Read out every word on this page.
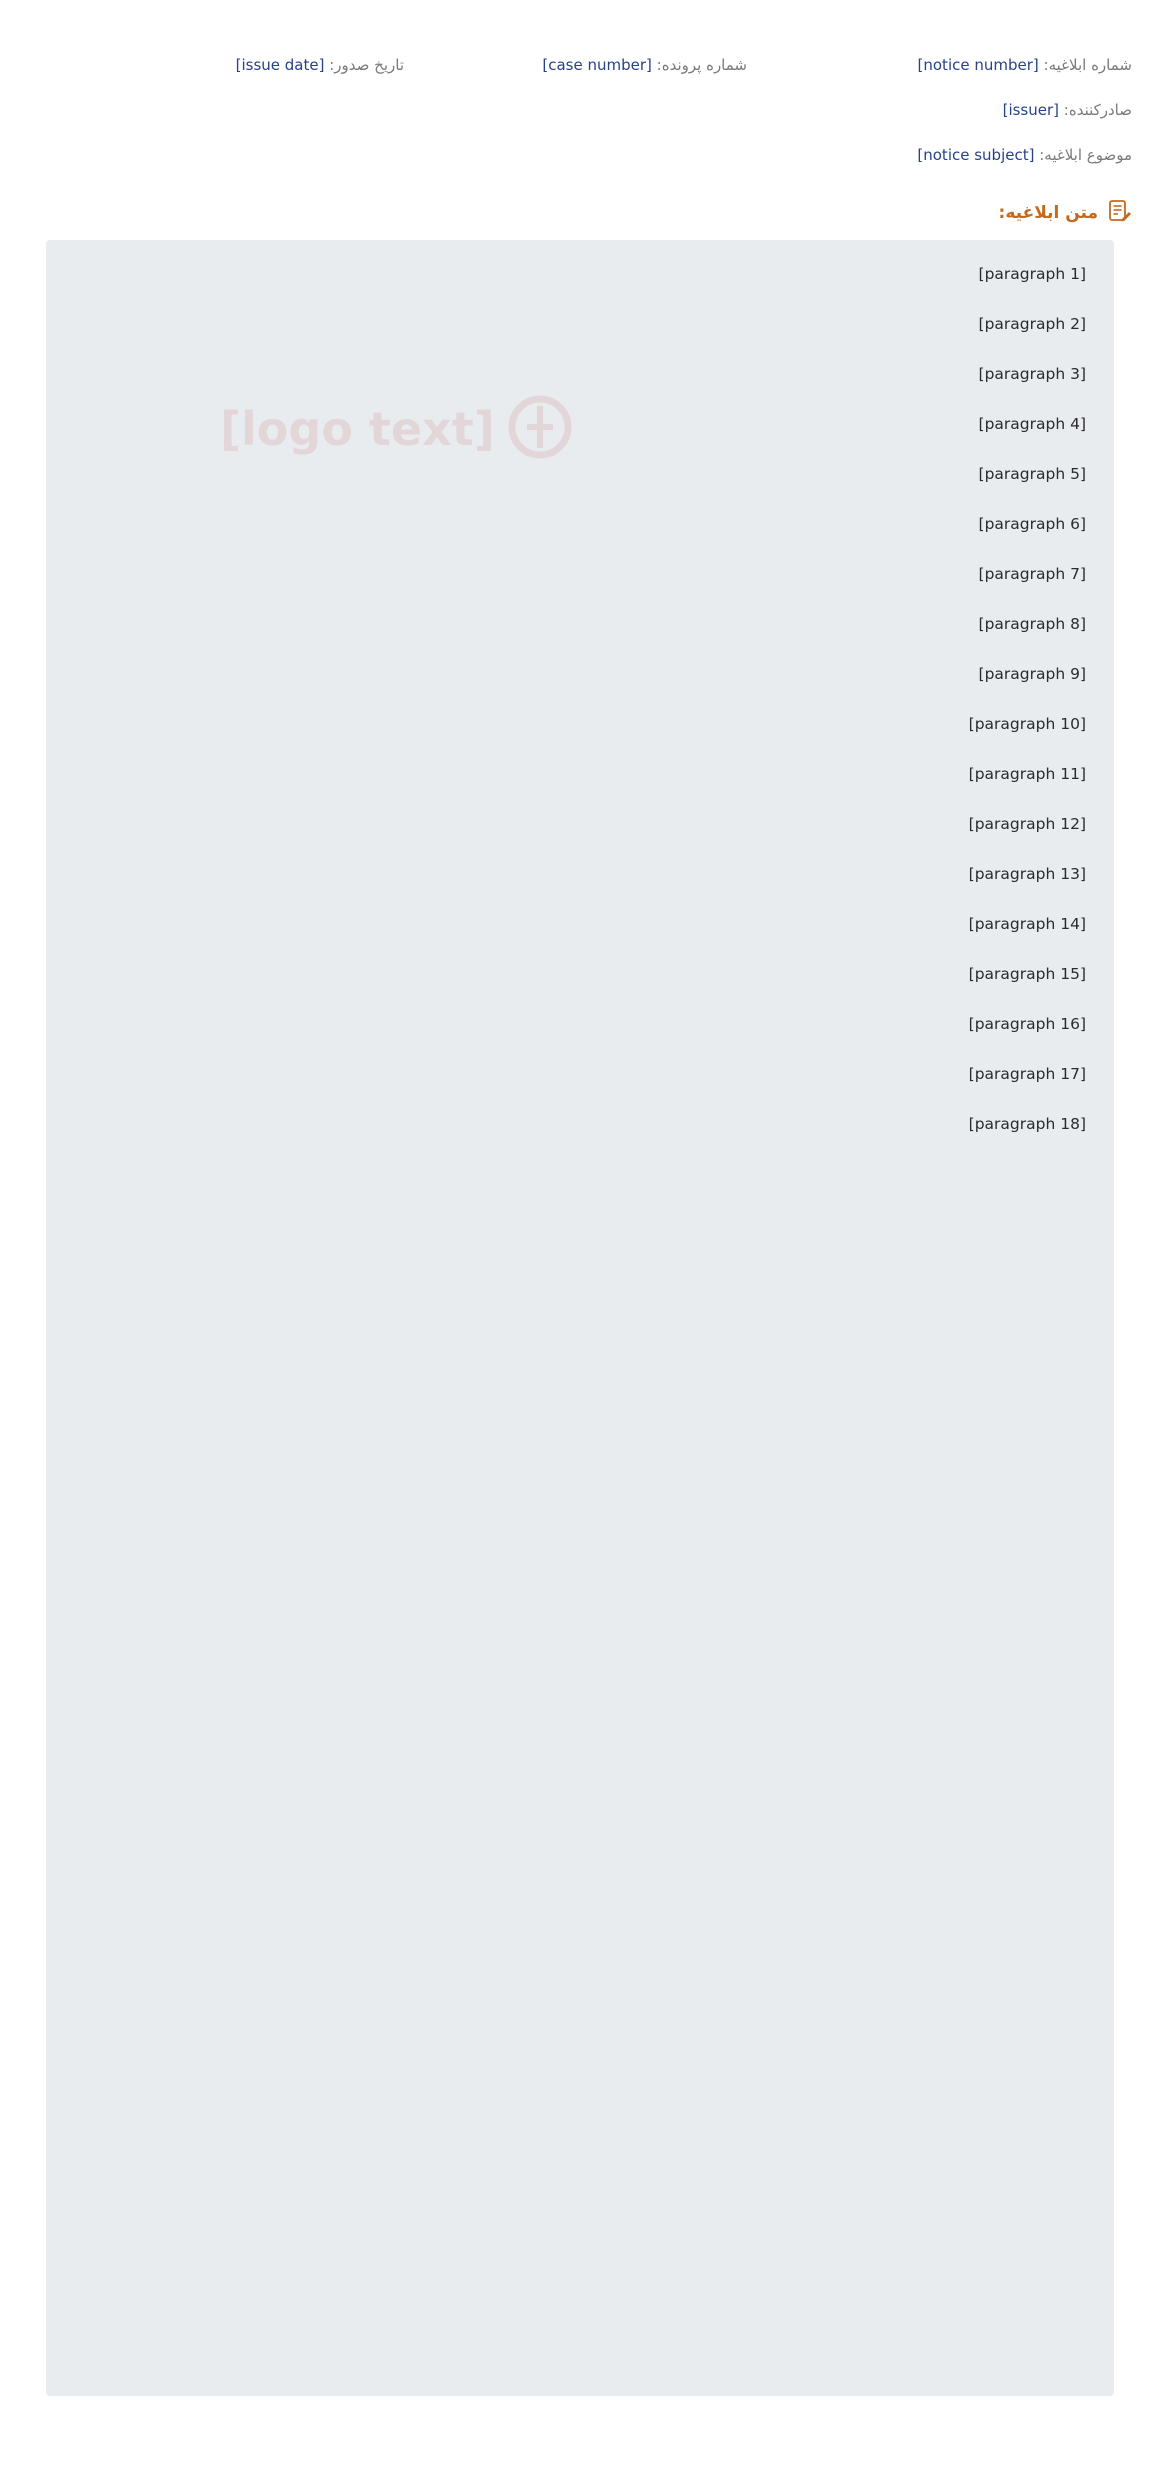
شماره ابلاغيه: [notice number]
شماره پرونده: [case number]
تاريخ صدور: [issue date]
صادرکننده: [issuer]
موضوع ابلاغيه: [notice subject]
متن ابلاغيه:

[paragraph 1]

[paragraph 2]

[paragraph 3]

[paragraph 4]

[paragraph 5]

[paragraph 6]

[paragraph 7]

[paragraph 8]

[paragraph 9]

[paragraph 10]

[paragraph 11]

[paragraph 12]

[paragraph 13]

[paragraph 14]

[paragraph 15]

[paragraph 16]

[paragraph 17]

[paragraph 18]
